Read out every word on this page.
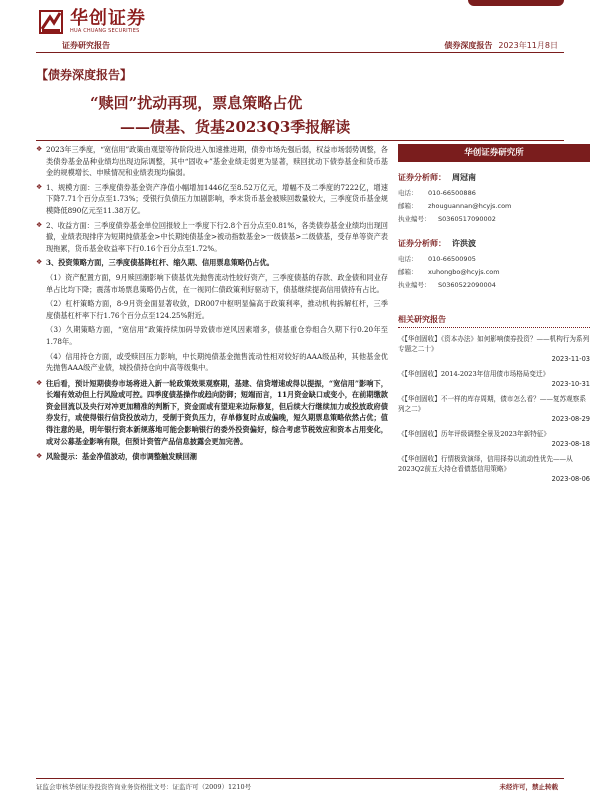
华创证券
HUA CHUANG SECURITIES
证券研究报告	债券深度报告 2023年11月8日
【债券深度报告】
“赎回”扰动再现，票息策略占优
——债基、货基2023Q3季报解读
❖ 2023年三季度，“宽信用”政策由观望等待阶段进入加速推进期，债券市场先强后弱，权益市场弱势调整，各类债券基金品种业绩均出现边际调整，其中“固收+”基金业绩走弱更为显著，赎回扰动下债券基金和货币基金的规模增长、申赎情况和业绩表现均偏弱。
❖ 1、规模方面：三季度债券基金资产净值小幅增加1446亿至8.52万亿元，增幅不及二季度的7222亿，增速下降7.71个百分点至1.73%；受银行负债压力加剧影响，季末货币基金被赎回数量较大，三季度货币基金规模降低890亿元至11.38万亿。
❖ 2、收益方面：三季度债券基金单位回报较上一季度下行2.8个百分点至0.81%，各类债券基金业绩均出现回撤，业绩表现排序为短期纯债基金>中长期纯债基金>被动指数基金>一级债基>二级债基，受存单等资产表现拖累，货币基金收益率下行0.16个百分点至1.72%。
❖ 3、投资策略方面，三季度债基降杠杆、缩久期、信用票息策略仍占优。
（1）资产配置方面，9月赎回潮影响下债基优先抛售流动性较好资产，三季度债基的存款、政金债和同业存单占比均下降；震荡市场票息策略仍占优，在一视同仁债政策利好驱动下，债基继续提高信用债持有占比。
（2）杠杆策略方面，8-9月资金面显著收敛，DR007中枢明显偏高于政策利率，推动机构拆解杠杆，三季度债基杠杆率下行1.76个百分点至124.25%附近。
（3）久期策略方面，“宽信用”政策持续加码导致债市逆风因素增多，债基重仓券组合久期下行0.20年至1.78年。
（4）信用持仓方面，或受赎回压力影响，中长期纯债基金抛售流动性相对较好的AAA级品种，其他基金优先抛售AAA级产业债，城投债持仓向中高等级集中。
❖ 往后看，预计短期债券市场将进入新一轮政策效果观察期，基建、信贷增速或得以提振，“宽信用”影响下，长端有效动但上行风险或可控。四季度债基操作或趋向防御；短端而言，11月资金缺口或变小，在前期缴款资金回流以及央行对冲更加精准的判断下，资金面或有望迎来边际修复，但后续大行继续加力或投放政府债券发行，或使得银行信贷投放动力，受制于资负压力，存单修复时点或偏晚，短久期票息策略依然占优；值得注意的是，明年银行资本新规落地可能会影响银行的委外投资偏好，综合考虑节税效应和资本占用变化，或对公募基金影响有限，但预计资管产品信息披露会更加完善。
❖ 风险提示：基金净值波动，债市调整触发赎回潮
华创证券研究所
证券分析师： 周冠南
电话： 010-66500886
邮箱： zhouguannan@hcyjs.com
执业编号： S0360517090002
证券分析师： 许洪波
电话： 010-66500905
邮箱： xuhongbo@hcyjs.com
执业编号： S0360522090004
相关研究报告
《【华创固收】《资本办法》如何影响债券投资？——机构行为系列专题之二十》
2023-11-03
《【华创固收】2014-2023年信用债市场格局变迁》
2023-10-31
《【华创固收】不一样的库存周期，债市怎么看？——复苏观察系列之二》
2023-08-29
《【华创固收】历年评级调整全景及2023年新特征》
2023-08-18
《【华创固收】行情极致演绎，信用择券以流动性优先——从2023Q2前五大持仓看债基信用策略》
2023-08-06
证监会审核华创证券投资咨询业务资格批文号：证监许可（2009）1210号	未经许可，禁止转载
